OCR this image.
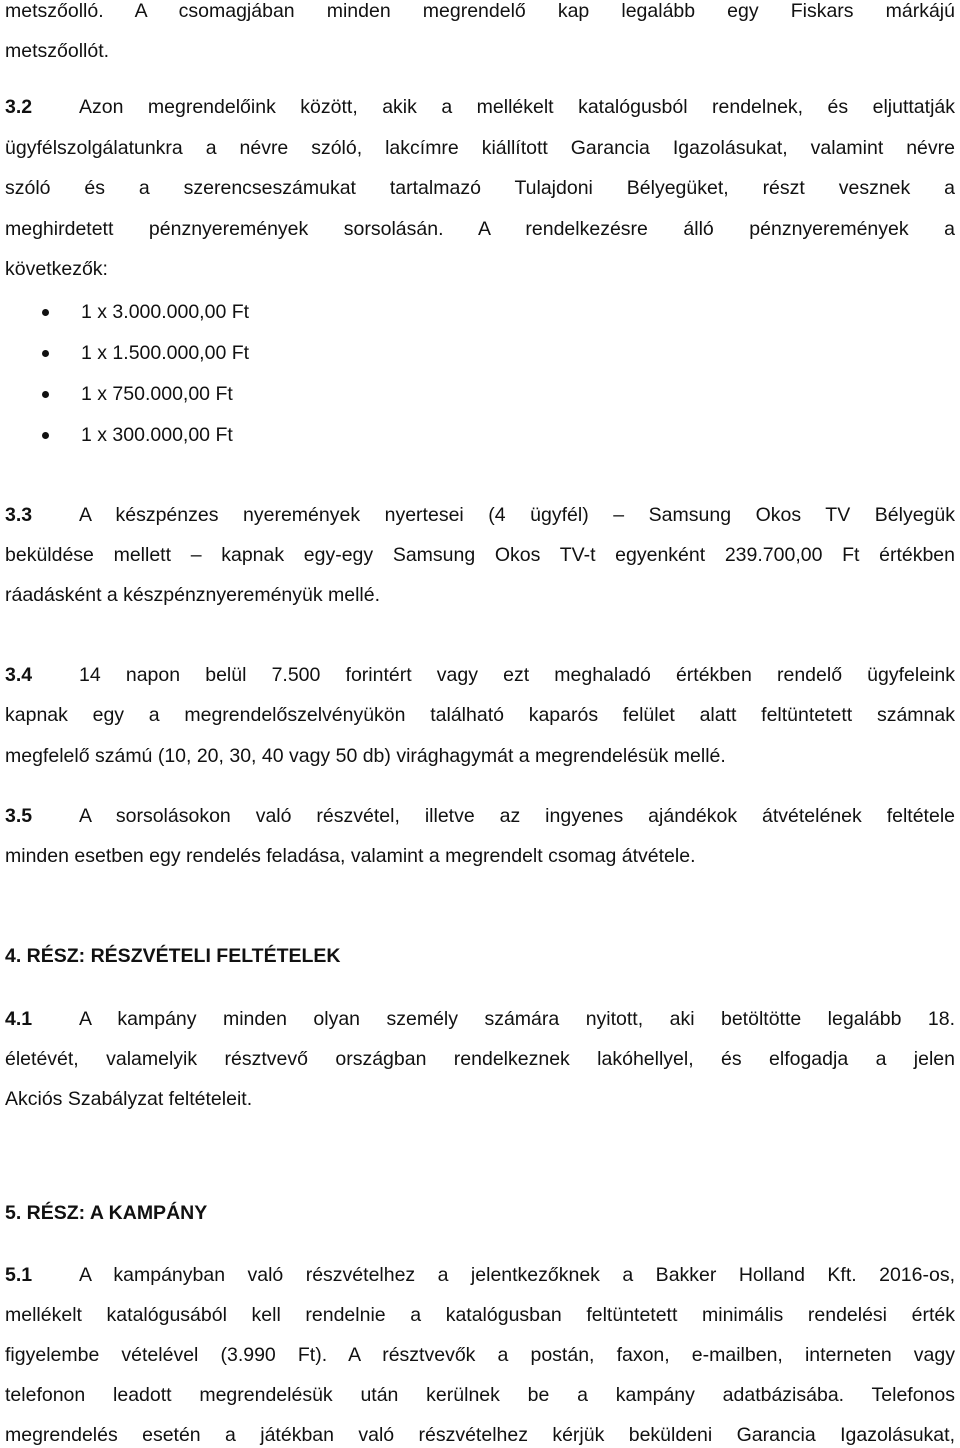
metszőolló. A csomagjában minden megrendelő kap legalább egy Fiskars márkájú
metszőollót.
3.2 Azon megrendelőink között, akik a mellékelt katalógusból rendelnek, és eljuttatják
ügyfélszolgálatunkra a névre szóló, lakcímre kiállított Garancia Igazolásukat, valamint névre
szóló és a szerencseszámukat tartalmazó Tulajdoni Bélyegüket, részt vesznek a
meghirdetett pénznyeremények sorsolásán. A rendelkezésre álló pénznyeremények a
következők:
1 x 3.000.000,00 Ft
1 x 1.500.000,00 Ft
1 x 750.000,00 Ft
1 x 300.000,00 Ft
3.3 A készpénzes nyeremények nyertesei (4 ügyfél) – Samsung Okos TV Bélyegük
beküldése mellett – kapnak egy-egy Samsung Okos TV-t egyenként 239.700,00 Ft értékben
ráadásként a készpénznyereményük mellé.
3.4 14 napon belül 7.500 forintért vagy ezt meghaladó értékben rendelő ügyfeleink
kapnak egy a megrendelőszelvényükön található kaparós felület alatt feltüntetett számnak
megfelelő számú (10, 20, 30, 40 vagy 50 db) virághagymát a megrendelésük mellé.
3.5 A sorsolásokon való részvétel, illetve az ingyenes ajándékok átvételének feltétele
minden esetben egy rendelés feladása, valamint a megrendelt csomag átvétele.
4. RÉSZ: RÉSZVÉTELI FELTÉTELEK
4.1 A kampány minden olyan személy számára nyitott, aki betöltötte legalább 18.
életévét, valamelyik résztvevő országban rendelkeznek lakóhellyel, és elfogadja a jelen
Akciós Szabályzat feltételeit.
5. RÉSZ: A KAMPÁNY
5.1 A kampányban való részvételhez a jelentkezőknek a Bakker Holland Kft. 2016-os,
mellékelt katalógusából kell rendelnie a katalógusban feltüntetett minimális rendelési érték
figyelembe vételével (3.990 Ft). A résztvevők a postán, faxon, e-mailben, interneten vagy
telefonon leadott megrendelésük után kerülnek be a kampány adatbázisába. Telefonos
megrendelés esetén a játékban való részvételhez kérjük beküldeni Garancia Igazolásukat,
